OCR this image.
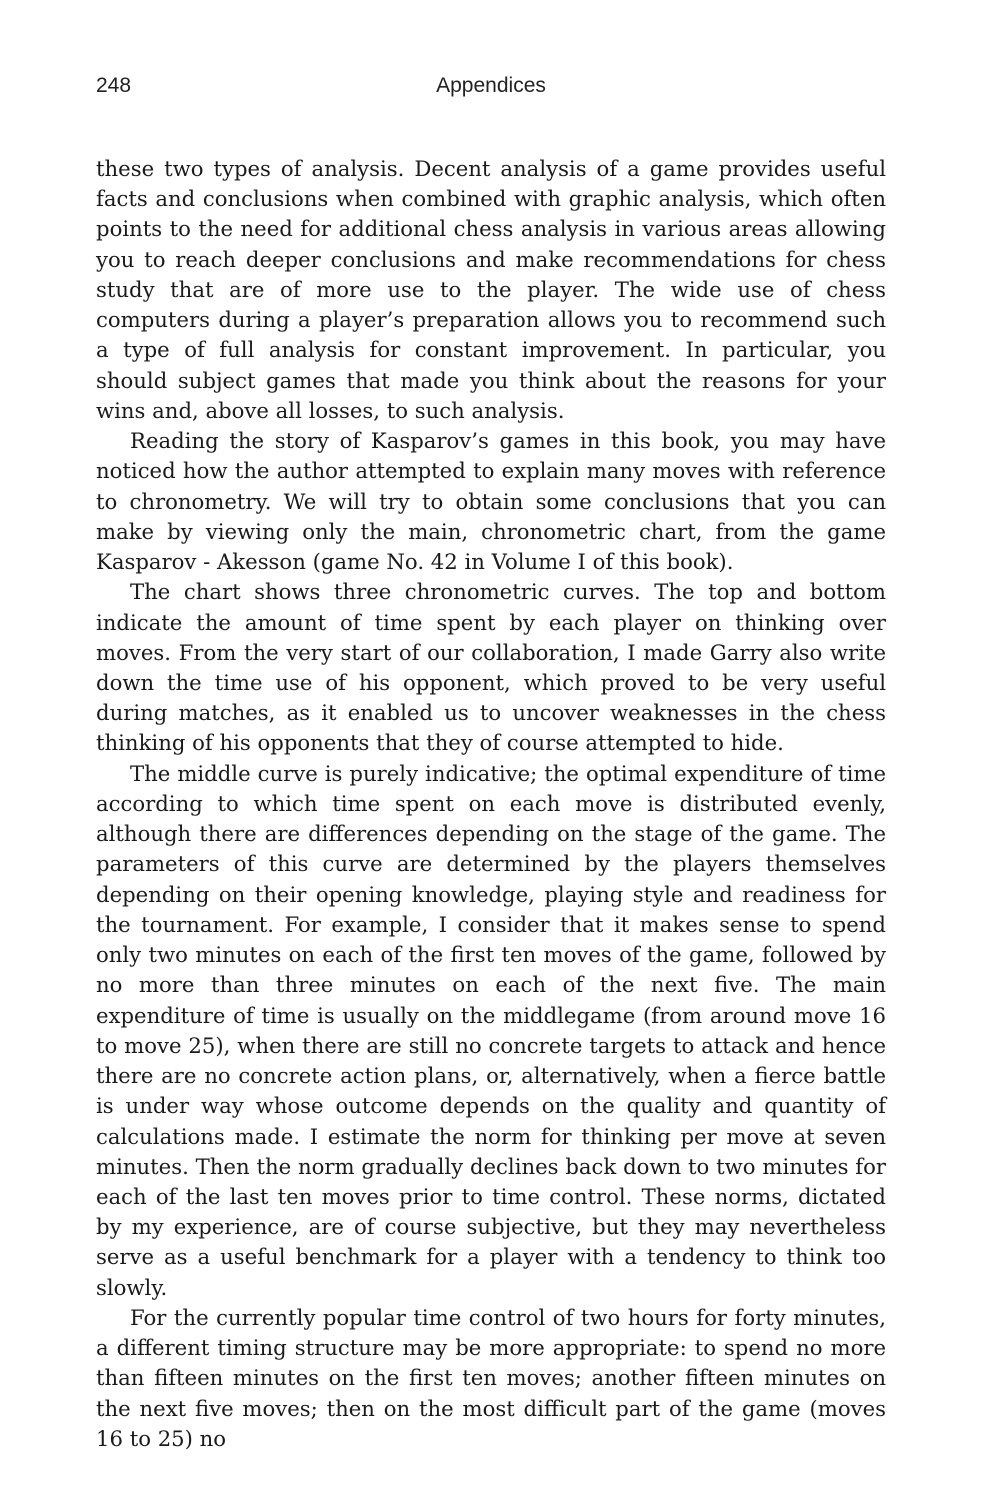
248	Appendices

these two types of analysis. Decent analysis of a game provides useful facts and conclusions when combined with graphic analysis, which often points to the need for additional chess analysis in various areas allowing you to reach deeper conclusions and make recommendations for chess study that are of more use to the player. The wide use of chess computers during a player’s preparation allows you to recommend such a type of full analysis for constant improvement. In particular, you should subject games that made you think about the reasons for your wins and, above all losses, to such analysis.

Reading the story of Kasparov’s games in this book, you may have noticed how the author attempted to explain many moves with reference to chronometry. We will try to obtain some conclusions that you can make by viewing only the main, chronometric chart, from the game Kasparov - Akesson (game No. 42 in Volume I of this book).

The chart shows three chronometric curves. The top and bottom indicate the amount of time spent by each player on thinking over moves. From the very start of our collaboration, I made Garry also write down the time use of his opponent, which proved to be very useful during matches, as it enabled us to uncover weaknesses in the chess thinking of his opponents that they of course attempted to hide.

The middle curve is purely indicative; the optimal expenditure of time according to which time spent on each move is distributed evenly, although there are differences depending on the stage of the game. The parameters of this curve are determined by the players themselves depending on their opening knowledge, playing style and readiness for the tournament. For example, I consider that it makes sense to spend only two minutes on each of the first ten moves of the game, followed by no more than three minutes on each of the next five. The main expenditure of time is usually on the middlegame (from around move 16 to move 25), when there are still no concrete targets to attack and hence there are no concrete action plans, or, alternatively, when a fierce battle is under way whose outcome depends on the quality and quantity of calculations made. I estimate the norm for thinking per move at seven minutes. Then the norm gradually declines back down to two minutes for each of the last ten moves prior to time control. These norms, dictated by my experience, are of course subjective, but they may nevertheless serve as a useful benchmark for a player with a tendency to think too slowly.

For the currently popular time control of two hours for forty minutes, a different timing structure may be more appropriate: to spend no more than fifteen minutes on the first ten moves; another fifteen minutes on the next five moves; then on the most difficult part of the game (moves 16 to 25) no
